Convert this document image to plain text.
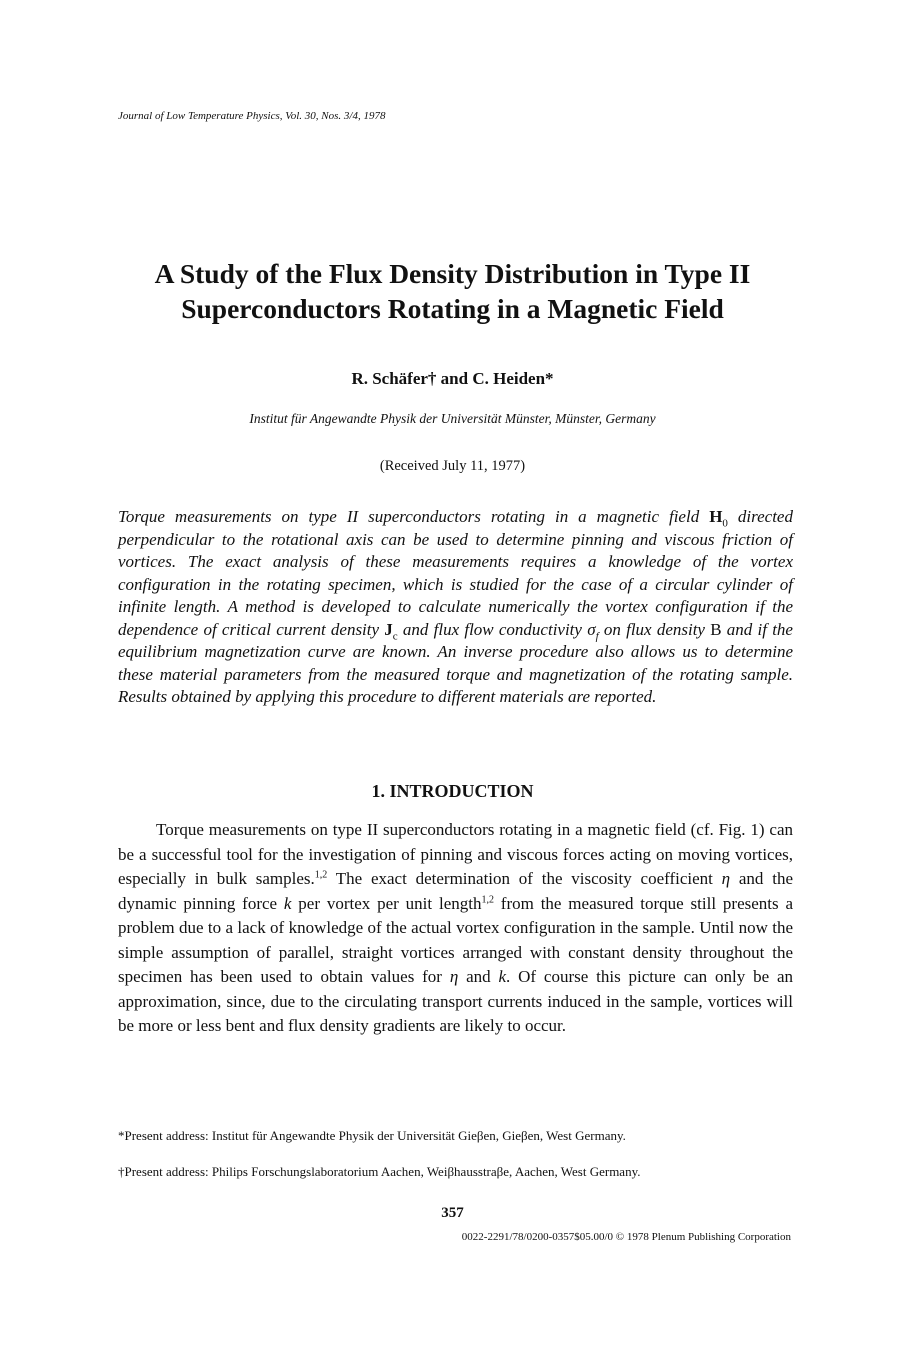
Journal of Low Temperature Physics, Vol. 30, Nos. 3/4, 1978
A Study of the Flux Density Distribution in Type II Superconductors Rotating in a Magnetic Field
R. Schäfer† and C. Heiden*
Institut für Angewandte Physik der Universität Münster, Münster, Germany
(Received July 11, 1977)

Torque measurements on type II superconductors rotating in a magnetic field $H_0$ directed perpendicular to the rotational axis can be used to determine pinning and viscous friction of vortices. The exact analysis of these measurements requires a knowledge of the vortex configuration in the rotating specimen, which is studied for the case of a circular cylinder of infinite length. A method is developed to calculate numerically the vortex configuration if the dependence of critical current density $J_c$ and flux flow conductivity $\sigma_f$ on flux density B and if the equilibrium magnetization curve are known. An inverse procedure also allows us to determine these material parameters from the measured torque and magnetization of the rotating sample. Results obtained by applying this procedure to different materials are reported.

1. INTRODUCTION

Torque measurements on type II superconductors rotating in a magnetic field (cf. Fig. 1) can be a successful tool for the investigation of pinning and viscous forces acting on moving vortices, especially in bulk samples.$^{1,2}$ The exact determination of the viscosity coefficient η and the dynamic pinning force k per vortex per unit length$^{1,2}$ from the measured torque still presents a problem due to a lack of knowledge of the actual vortex configuration in the sample. Until now the simple assumption of parallel, straight vortices arranged with constant density throughout the specimen has been used to obtain values for η and k. Of course this picture can only be an approximation, since, due to the circulating transport currents induced in the sample, vortices will be more or less bent and flux density gradients are likely to occur.

*Present address: Institut für Angewandte Physik der Universität Gieβen, Gieβen, West Germany.

†Present address: Philips Forschungslaboratorium Aachen, Weiβhausstraβe, Aachen, West Germany.

357
0022-2291/78/0200-0357$05.00/0 © 1978 Plenum Publishing Corporation
